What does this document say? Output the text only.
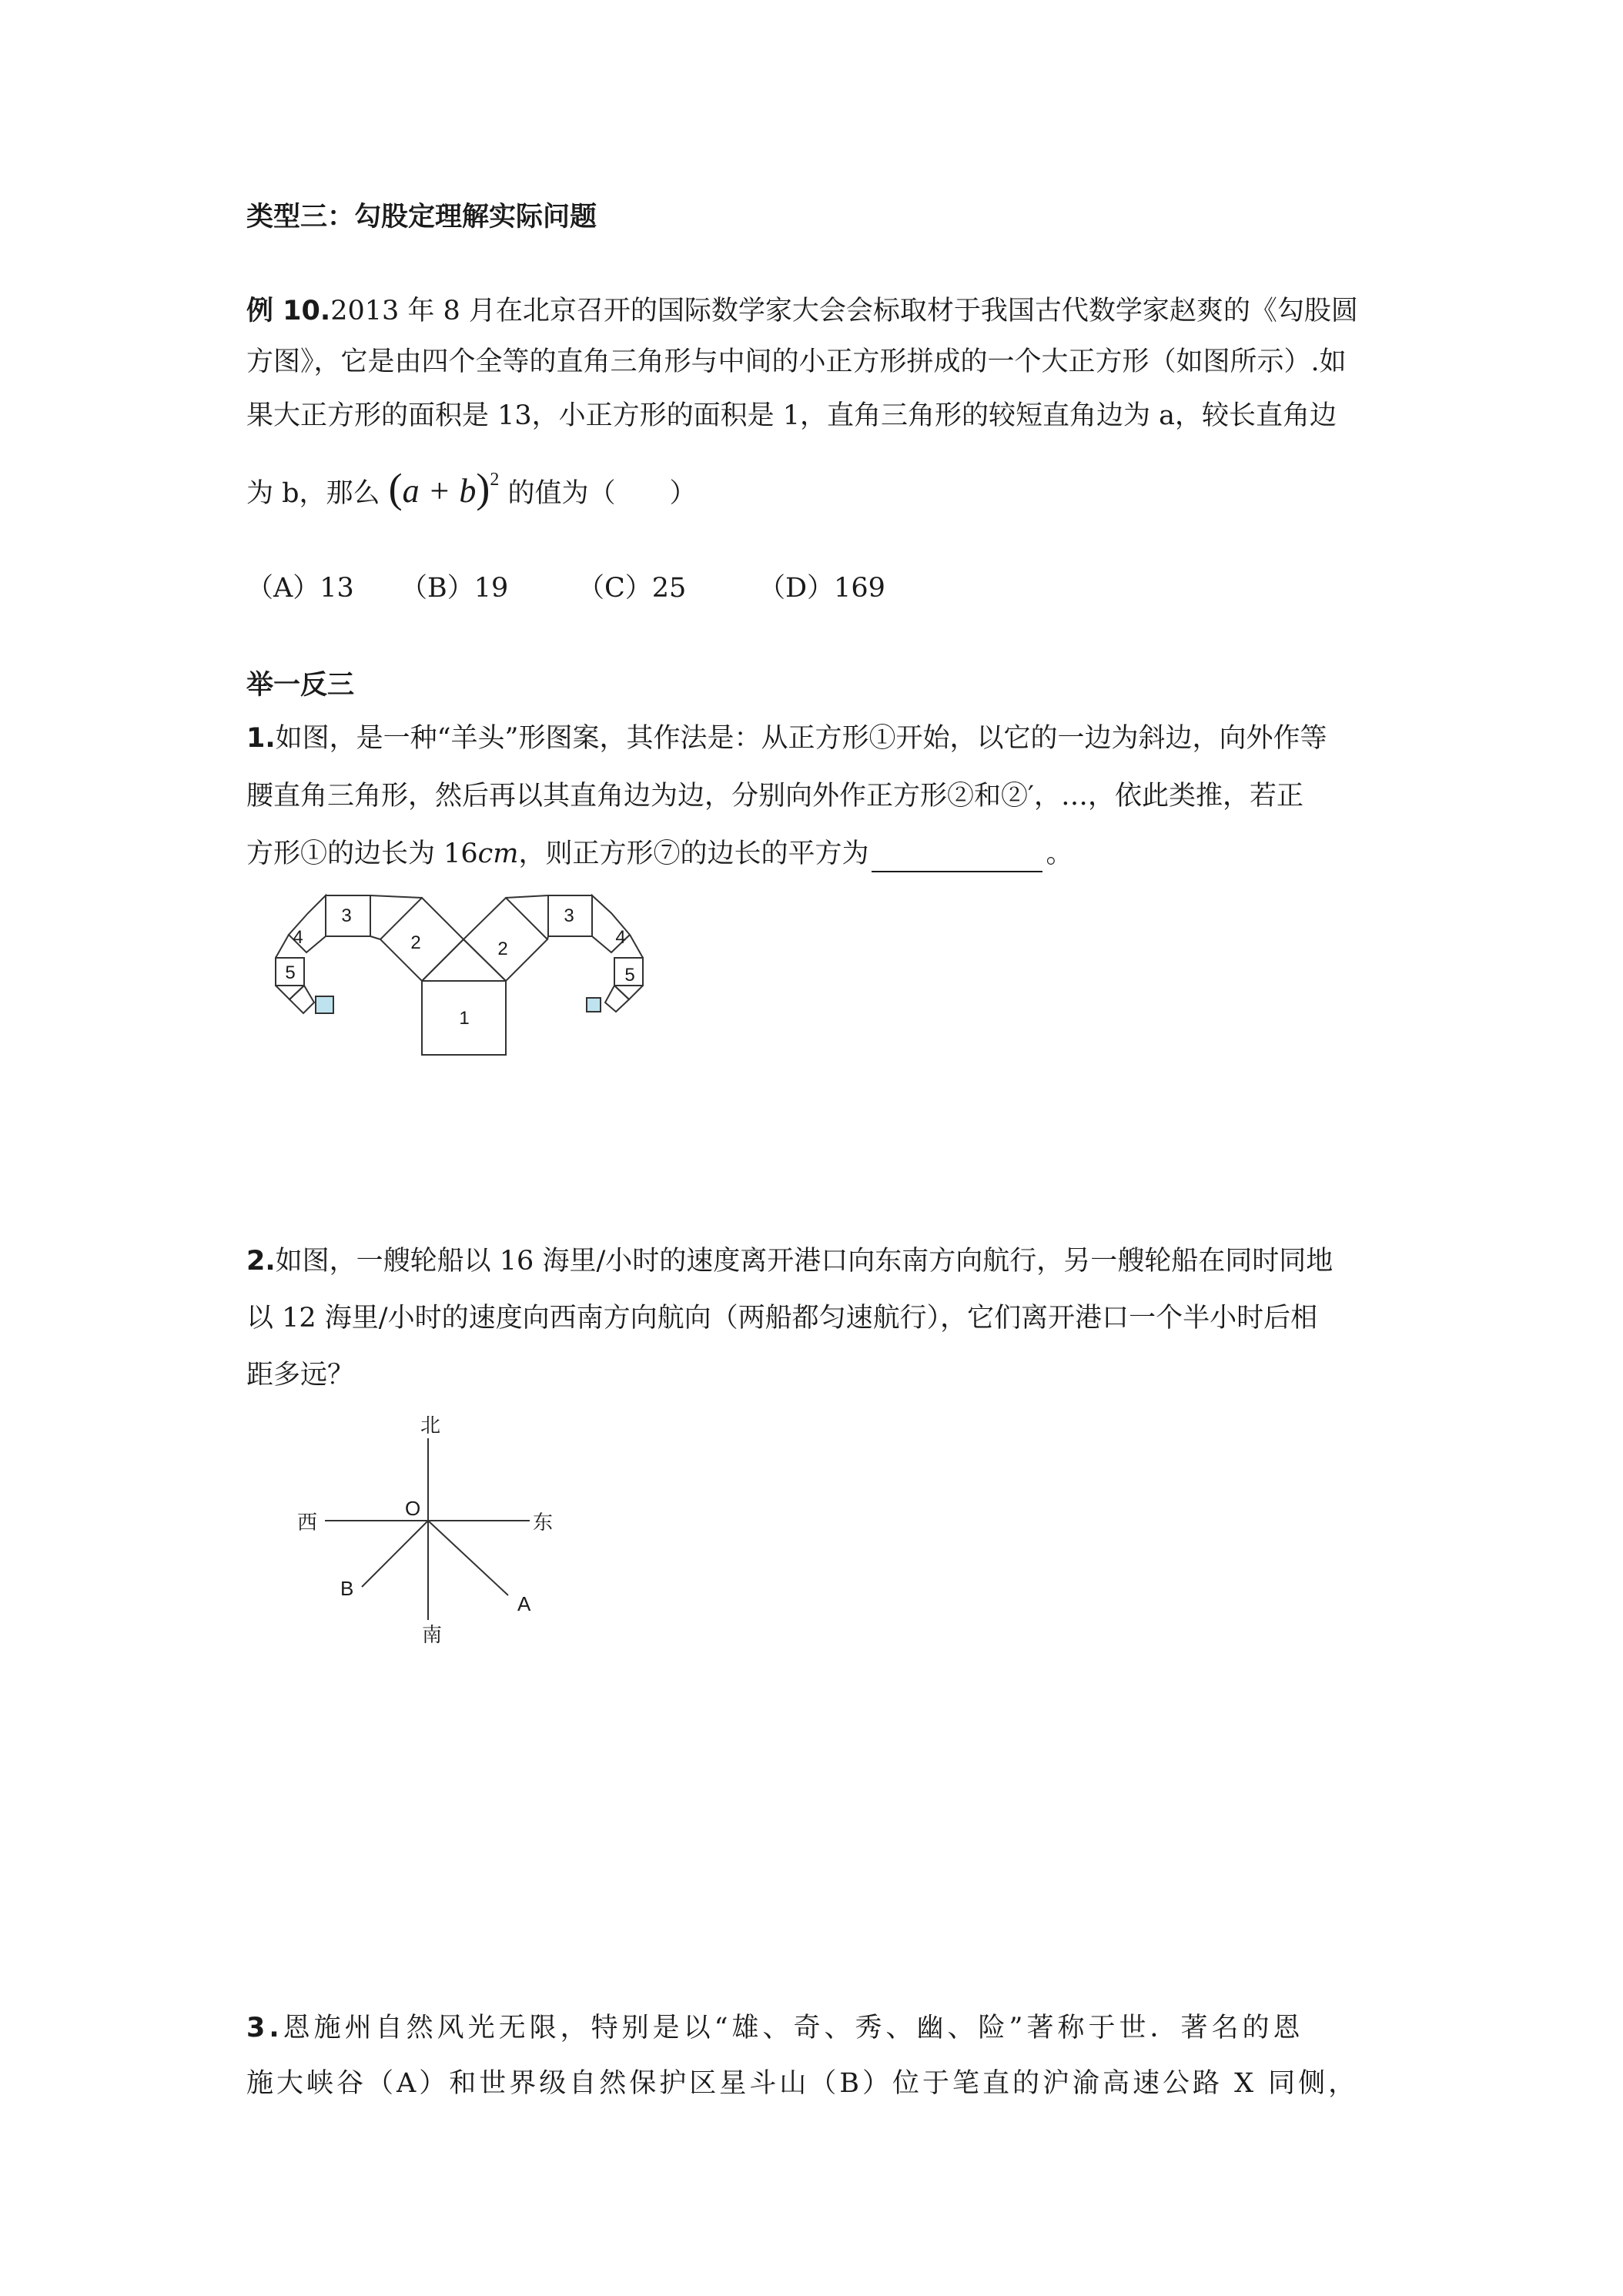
类型三：勾股定理解实际问题
例 10.2013 年 8 月在北京召开的国际数学家大会会标取材于我国古代数学家赵爽的《勾股圆
方图》，它是由四个全等的直角三角形与中间的小正方形拼成的一个大正方形（如图所示）.如
果大正方形的面积是 13，小正方形的面积是 1，直角三角形的较短直角边为 a，较长直角边
为 b，那么 $(a + b)^2$ 的值为（　　）
（A）13 （B）19	（C）25	（D）169
举一反三
1.如图，是一种“羊头”形图案，其作法是：从正方形①开始，以它的一边为斜边，向外作等
腰直角三角形，然后再以其直角边为边，分别向外作正方形②和②′，…，依此类推，若正
方形①的边长为 16cm，则正方形⑦的边长的平方为	。
1
2	2
3	3
4	4
5	5
2.如图，一艘轮船以 16 海里/小时的速度离开港口向东南方向航行，另一艘轮船在同时同地
以 12 海里/小时的速度向西南方向航向（两船都匀速航行），它们离开港口一个半小时后相
距多远？
北
南
西	东
O
B
A
3.恩施州自然风光无限，特别是以“雄、奇、秀、幽、险”著称于世．著名的恩
施大峡谷（A）和世界级自然保护区星斗山（B）位于笔直的沪渝高速公路 X 同侧，
